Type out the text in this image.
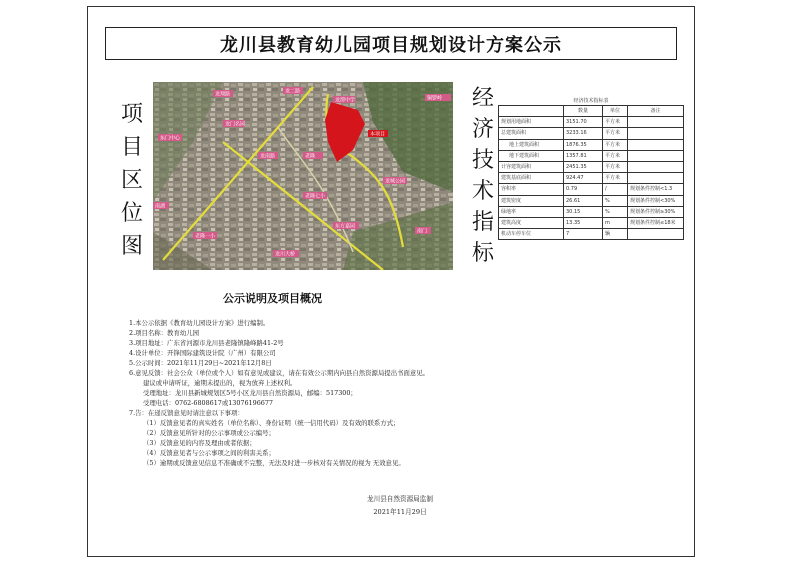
龙川县教育幼儿园项目规划设计方案公示
项
目
区
位
图
经
济
技
术
指
标
龙翔路	龙二路
龙潭中学
本项目
铜锣岭
东门中心
龙门名园
龙南路	老隆
老隆七小
老隆一小
龙川大桥
龙城公园
南湖
东方嘉园
南门
经济技术指标表
	数量	单位	备注
规划用地面积	3151.70	平方米	
总建筑面积	3233.16	平方米	
地上建筑面积	1876.35	平方米	
地下建筑面积	1357.81	平方米	
计容建筑面积	2451.35	平方米	
建筑基底面积	924.47	平方米	
容积率	0.79	/	规划条件控制<1.3
建筑密度	26.61	%	规划条件控制<30%
绿地率	30.15	%	规划条件控制≥30%
建筑高度	13.35	m	规划条件控制≤18米
机动车停车位	7	辆	
公示说明及项目概况
1.本公示依据《教育幼儿园设计方案》进行编制。
2.项目名称：教育幼儿园
3.项目地址：广东省河源市龙川县老隆镇隆峰路41-2号
4.设计单位：开锋国际建筑设计院（广州）有限公司
5.公示时间：2021年11月29日~2021年12月8日
6.意见反馈：社会公众（单位或个人）如有意见或建议，请在有效公示期内向县自然资源局提出书面意见。
建议或申请听证，逾期未提出的，视为放弃上述权利。
受理地址：龙川县新城规划区5号小区龙川县自然资源局，邮编：517300；
受理电话：0762-6808617或13076196677
7.告：在递反馈意见时请注意以下事项：
（1）反馈意见者的真实姓名（单位名称）、身份证明（统一信用代码）及有效的联系方式；
（2）反馈意见所针对的公示事项或公示编号；
（3）反馈意见的内容及理由或者依据；
（4）反馈意见者与公示事项之间的利害关系；
（5）逾期或反馈意见信息不准确或不完整，无法及时进一步核对有关情况的视为 无效意见。
龙川县自然资源局监制
2021年11月29日
